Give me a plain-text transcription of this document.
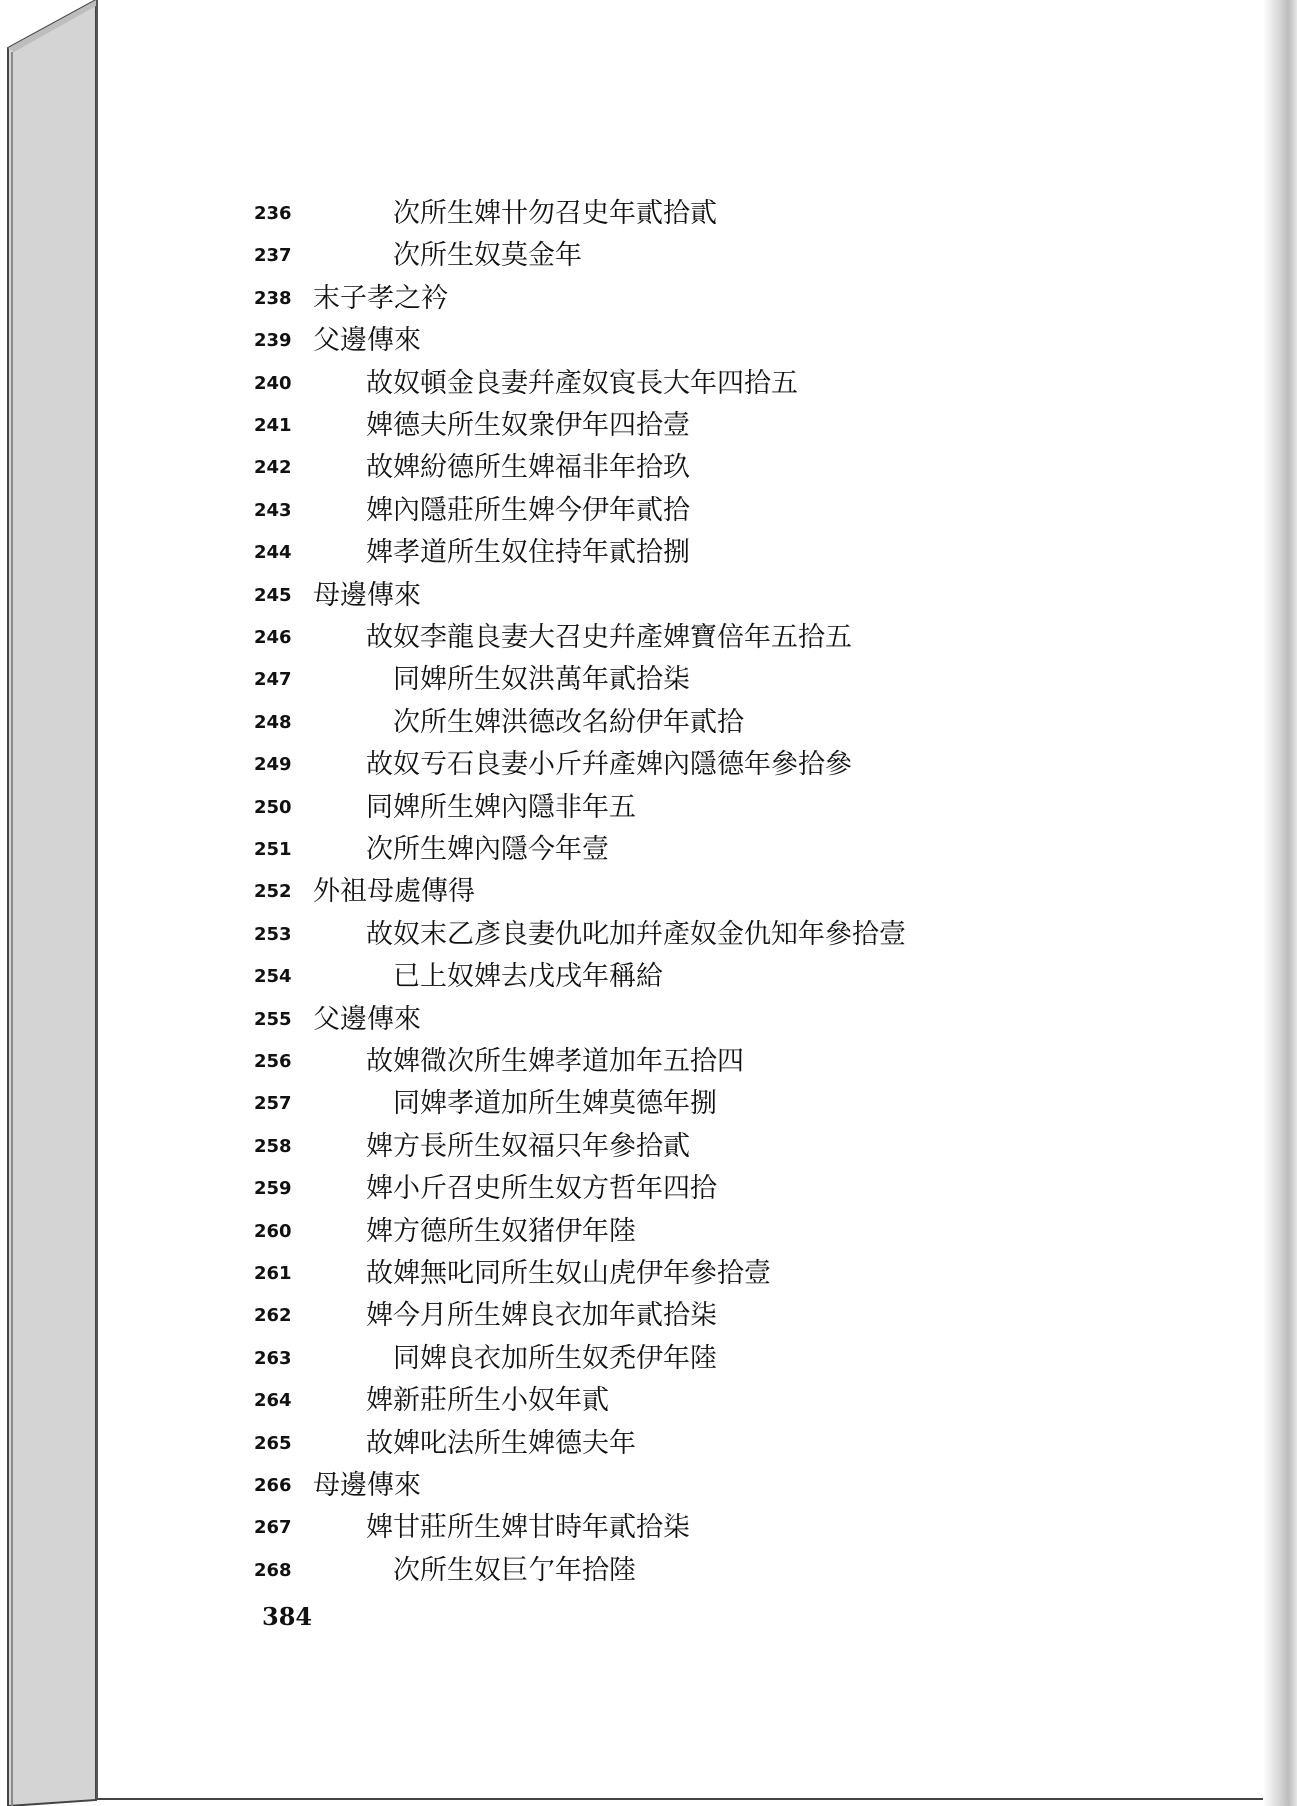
236	次所生婢卄勿召史年貳拾貳
237	次所生奴莫金年
238 末子孝之衿
239 父邊傳來
240	故奴頓金良妻幷產奴㝗長大年四拾五
241	婢德夫所生奴衆伊年四拾壹
242	故婢紛德所生婢福非年拾玖
243	婢內隱莊所生婢今伊年貳拾
244	婢孝道所生奴住持年貳拾捌
245 母邊傳來
246	故奴李龍良妻大召史幷產婢寶倍年五拾五
247	同婢所生奴洪萬年貳拾柒
248	次所生婢洪德改名紛伊年貳拾
249	故奴亐石良妻小斤幷產婢內隱德年參拾參
250	同婢所生婢內隱非年五
251	次所生婢內隱今年壹
252 外祖母處傳得
253	故奴末乙彥良妻仇叱加幷產奴金仇知年參拾壹
254	已上奴婢去戊戌年稱給
255 父邊傳來
256	故婢㣲次所生婢孝道加年五拾四
257	同婢孝道加所生婢莫德年捌
258	婢方長所生奴福只年參拾貳
259	婢小斤召史所生奴方哲年四拾
260	婢方德所生奴猪伊年陸
261	故婢無叱同所生奴山虎伊年參拾壹
262	婢今月所生婢良衣加年貳拾柒
263	同婢良衣加所生奴禿伊年陸
264	婢新莊所生小奴年貳
265	故婢叱法所生婢德夫年
266 母邊傳來
267	婢甘莊所生婢甘時年貳拾柒
268	次所生奴巨亇年拾陸
384
